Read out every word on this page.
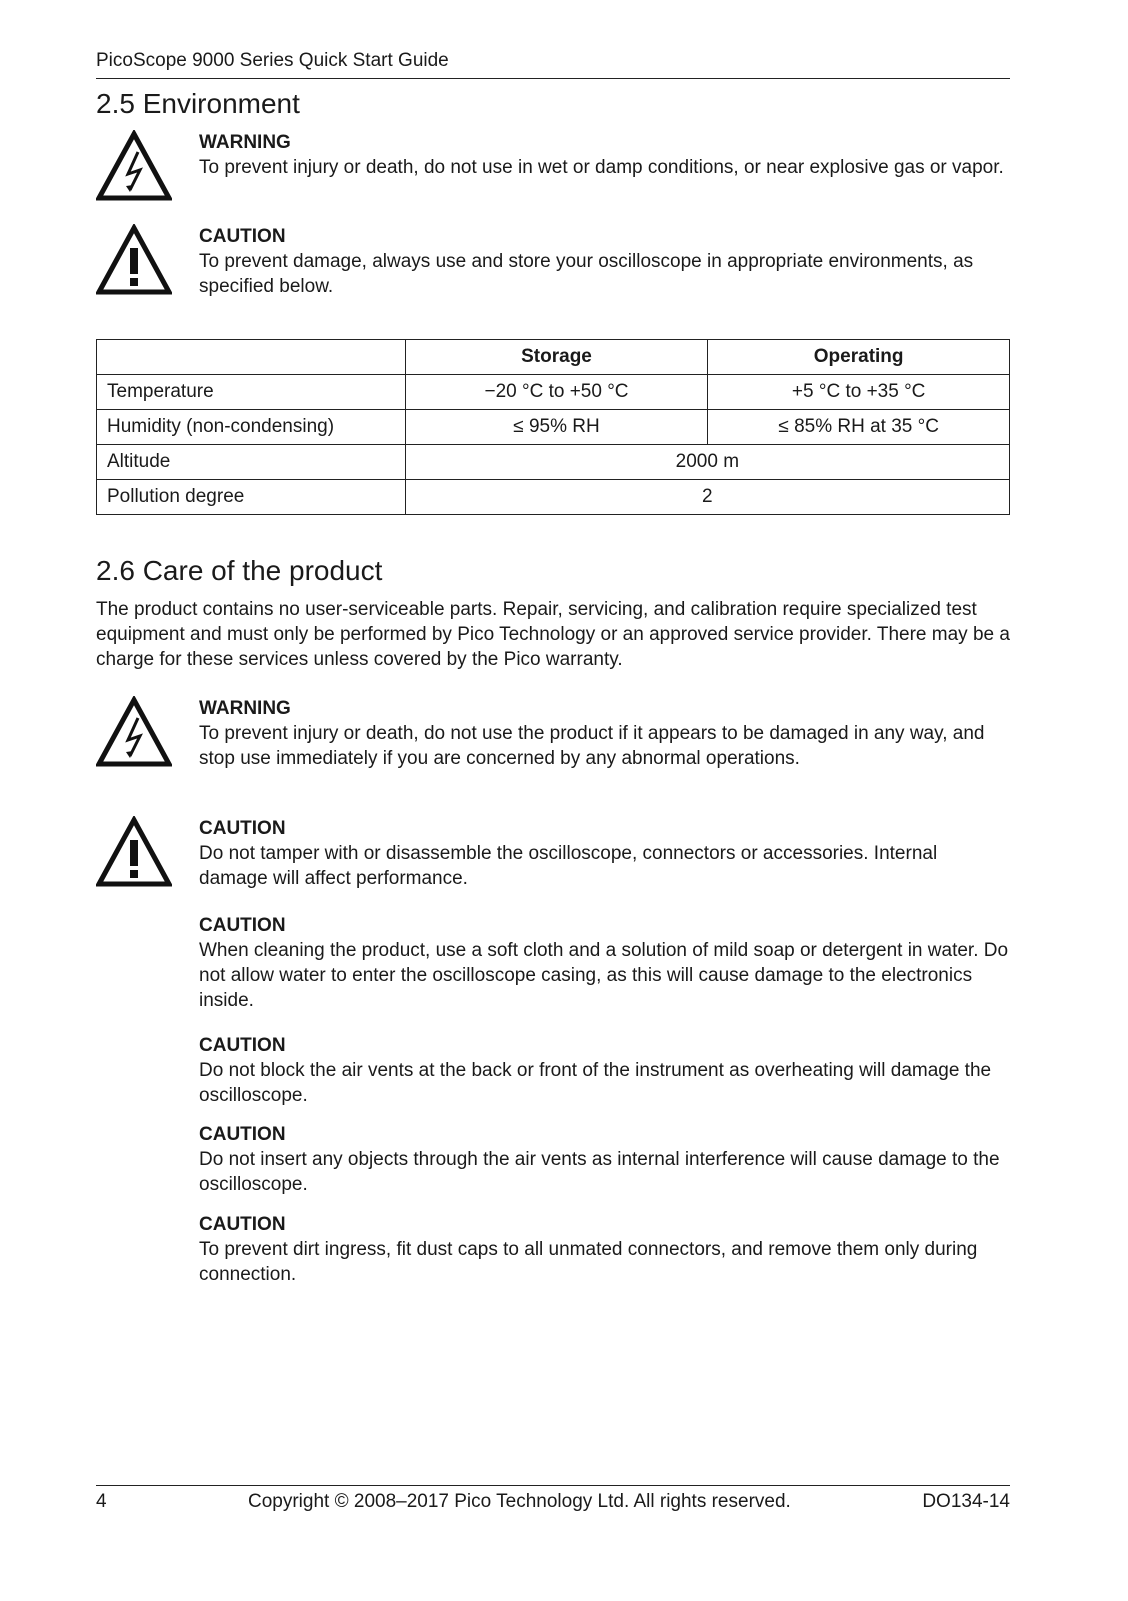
PicoScope 9000 Series Quick Start Guide
2.5 Environment
WARNING
To prevent injury or death, do not use in wet or damp conditions, or near explosive gas or vapor.
CAUTION
To prevent damage, always use and store your oscilloscope in appropriate environments, as specified below.
	Storage	Operating
Temperature	−20 °C to +50 °C	+5 °C to +35 °C
Humidity (non-condensing)	≤ 95% RH	≤ 85% RH at 35 °C
Altitude	2000 m	
Pollution degree	2	
2.6 Care of the product
The product contains no user-serviceable parts. Repair, servicing, and calibration require specialized test equipment and must only be performed by Pico Technology or an approved service provider. There may be a charge for these services unless covered by the Pico warranty.
WARNING
To prevent injury or death, do not use the product if it appears to be damaged in any way, and stop use immediately if you are concerned by any abnormal operations.
CAUTION
Do not tamper with or disassemble the oscilloscope, connectors or accessories. Internal damage will affect performance.
CAUTION
When cleaning the product, use a soft cloth and a solution of mild soap or detergent in water. Do not allow water to enter the oscilloscope casing, as this will cause damage to the electronics inside.
CAUTION
Do not block the air vents at the back or front of the instrument as overheating will damage the oscilloscope.
CAUTION
Do not insert any objects through the air vents as internal interference will cause damage to the oscilloscope.
CAUTION
To prevent dirt ingress, fit dust caps to all unmated connectors, and remove them only during connection.
4	Copyright © 2008–2017 Pico Technology Ltd. All rights reserved.	DO134-14
